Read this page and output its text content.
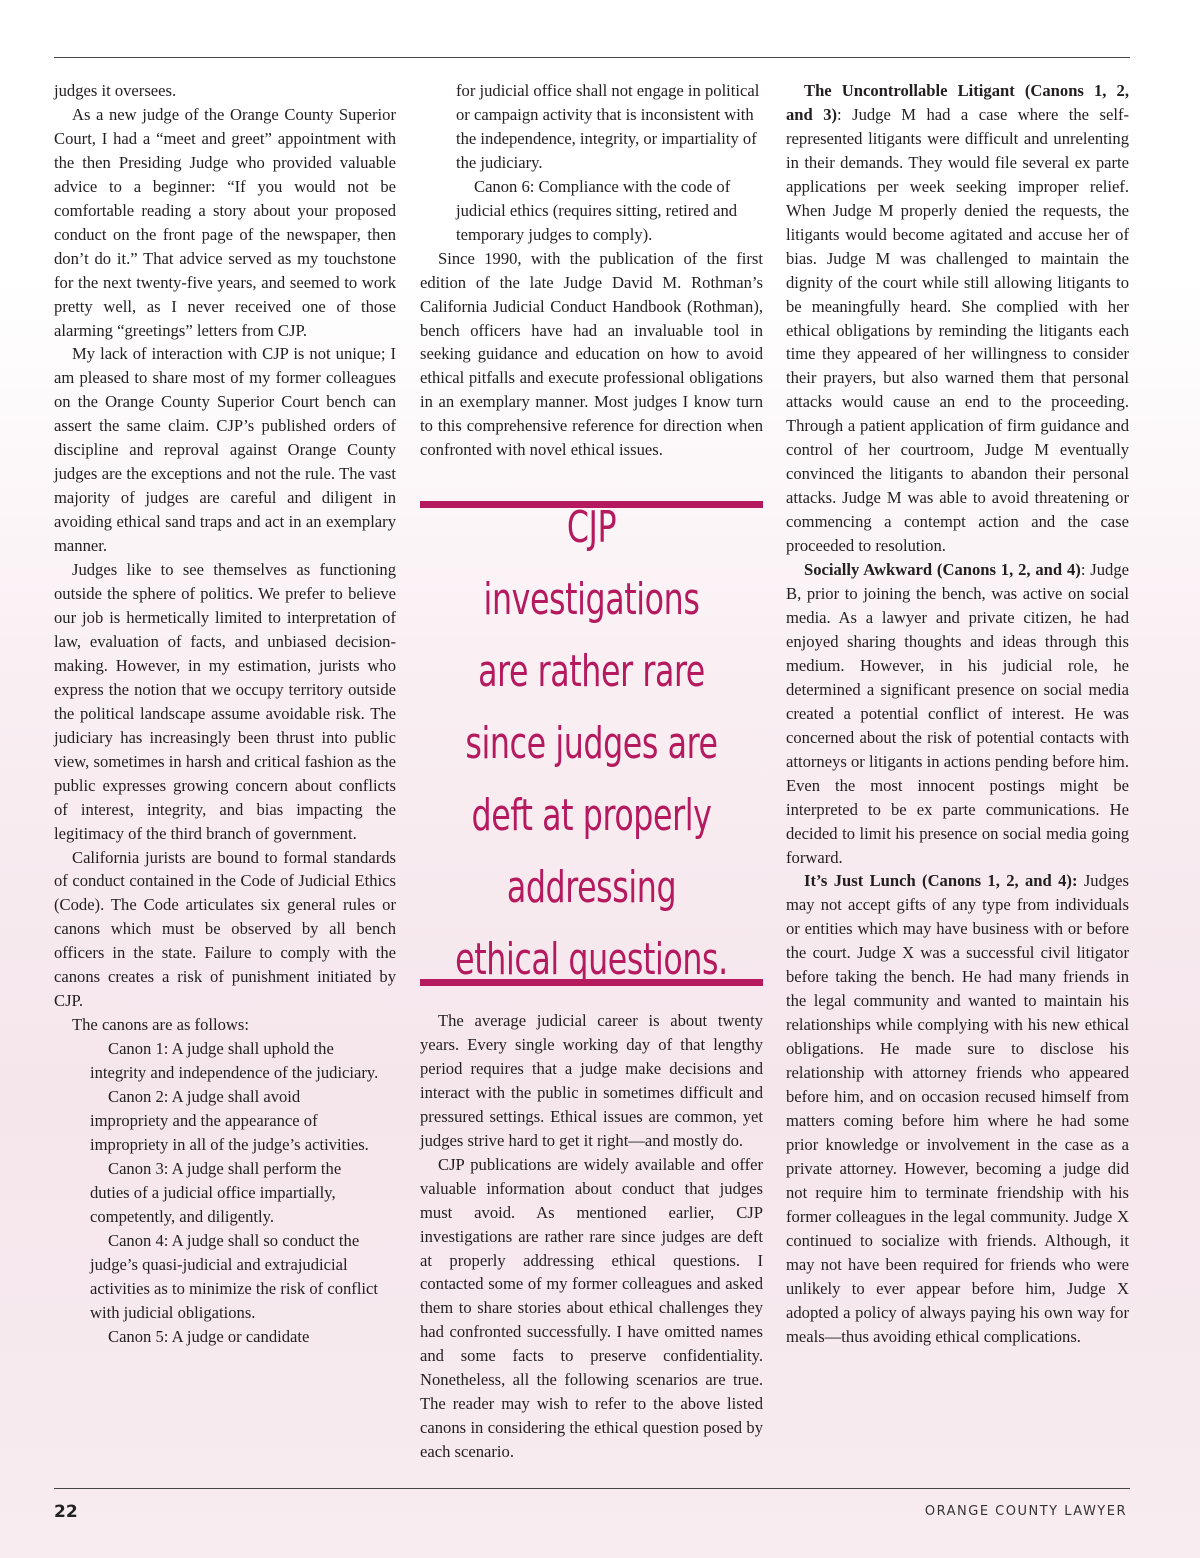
judges it oversees.

As a new judge of the Orange County Superior Court, I had a “meet and greet” appointment with the then Presiding Judge who provided valuable advice to a beginner: “If you would not be comfortable reading a story about your proposed conduct on the front page of the newspaper, then don’t do it.” That advice served as my touchstone for the next twenty-five years, and seemed to work pretty well, as I never received one of those alarming “greetings” letters from CJP.

My lack of interaction with CJP is not unique; I am pleased to share most of my former colleagues on the Orange County Superior Court bench can assert the same claim. CJP’s published orders of discipline and reproval against Orange County judges are the exceptions and not the rule. The vast majority of judges are careful and diligent in avoiding ethical sand traps and act in an exemplary manner.

Judges like to see themselves as functioning outside the sphere of politics. We prefer to believe our job is hermetically limited to interpretation of law, evaluation of facts, and unbiased decision-making. However, in my estimation, jurists who express the notion that we occupy territory outside the political landscape assume avoidable risk. The judiciary has increasingly been thrust into public view, sometimes in harsh and critical fashion as the public expresses growing concern about conflicts of interest, integrity, and bias impacting the legitimacy of the third branch of government.

California jurists are bound to formal standards of conduct contained in the Code of Judicial Ethics (Code). The Code articulates six general rules or canons which must be observed by all bench officers in the state. Failure to comply with the canons creates a risk of punishment initiated by CJP.

The canons are as follows:

Canon 1: A judge shall uphold the integrity and independence of the judiciary.

Canon 2: A judge shall avoid impropriety and the appearance of impropriety in all of the judge’s activities.

Canon 3: A judge shall perform the duties of a judicial office impartially, competently, and diligently.

Canon 4: A judge shall so conduct the judge’s quasi-judicial and extrajudicial activities as to minimize the risk of conflict with judicial obligations.

Canon 5: A judge or candidate

for judicial office shall not engage in political or campaign activity that is inconsistent with the independence, integrity, or impartiality of the judiciary.

Canon 6: Compliance with the code of judicial ethics (requires sitting, retired and temporary judges to comply).

Since 1990, with the publication of the first edition of the late Judge David M. Rothman’s California Judicial Conduct Handbook (Rothman), bench officers have had an invaluable tool in seeking guidance and education on how to avoid ethical pitfalls and execute professional obligations in an exemplary manner. Most judges I know turn to this comprehensive reference for direction when confronted with novel ethical issues.

CJP investigations are rather rare since judges are deft at properly addressing ethical questions.

The average judicial career is about twenty years. Every single working day of that lengthy period requires that a judge make decisions and interact with the public in sometimes difficult and pressured settings. Ethical issues are common, yet judges strive hard to get it right—and mostly do.

CJP publications are widely available and offer valuable information about conduct that judges must avoid. As mentioned earlier, CJP investigations are rather rare since judges are deft at properly addressing ethical questions. I contacted some of my former colleagues and asked them to share stories about ethical challenges they had confronted successfully. I have omitted names and some facts to preserve confidentiality. Nonetheless, all the following scenarios are true. The reader may wish to refer to the above listed canons in considering the ethical question posed by each scenario.

The Uncontrollable Litigant (Canons 1, 2, and 3): Judge M had a case where the self-represented litigants were difficult and unrelenting in their demands. They would file several ex parte applications per week seeking improper relief. When Judge M properly denied the requests, the litigants would become agitated and accuse her of bias. Judge M was challenged to maintain the dignity of the court while still allowing litigants to be meaningfully heard. She complied with her ethical obligations by reminding the litigants each time they appeared of her willingness to consider their prayers, but also warned them that personal attacks would cause an end to the proceeding. Through a patient application of firm guidance and control of her courtroom, Judge M eventually convinced the litigants to abandon their personal attacks. Judge M was able to avoid threatening or commencing a contempt action and the case proceeded to resolution.

Socially Awkward (Canons 1, 2, and 4): Judge B, prior to joining the bench, was active on social media. As a lawyer and private citizen, he had enjoyed sharing thoughts and ideas through this medium. However, in his judicial role, he determined a significant presence on social media created a potential conflict of interest. He was concerned about the risk of potential contacts with attorneys or litigants in actions pending before him. Even the most innocent postings might be interpreted to be ex parte communications. He decided to limit his presence on social media going forward.

It’s Just Lunch (Canons 1, 2, and 4): Judges may not accept gifts of any type from individuals or entities which may have business with or before the court. Judge X was a successful civil litigator before taking the bench. He had many friends in the legal community and wanted to maintain his relationships while complying with his new ethical obligations. He made sure to disclose his relationship with attorney friends who appeared before him, and on occasion recused himself from matters coming before him where he had some prior knowledge or involvement in the case as a private attorney. However, becoming a judge did not require him to terminate friendship with his former colleagues in the legal community. Judge X continued to socialize with friends. Although, it may not have been required for friends who were unlikely to ever appear before him, Judge X adopted a policy of always paying his own way for meals—thus avoiding ethical complications.

22	ORANGE COUNTY LAWYER
